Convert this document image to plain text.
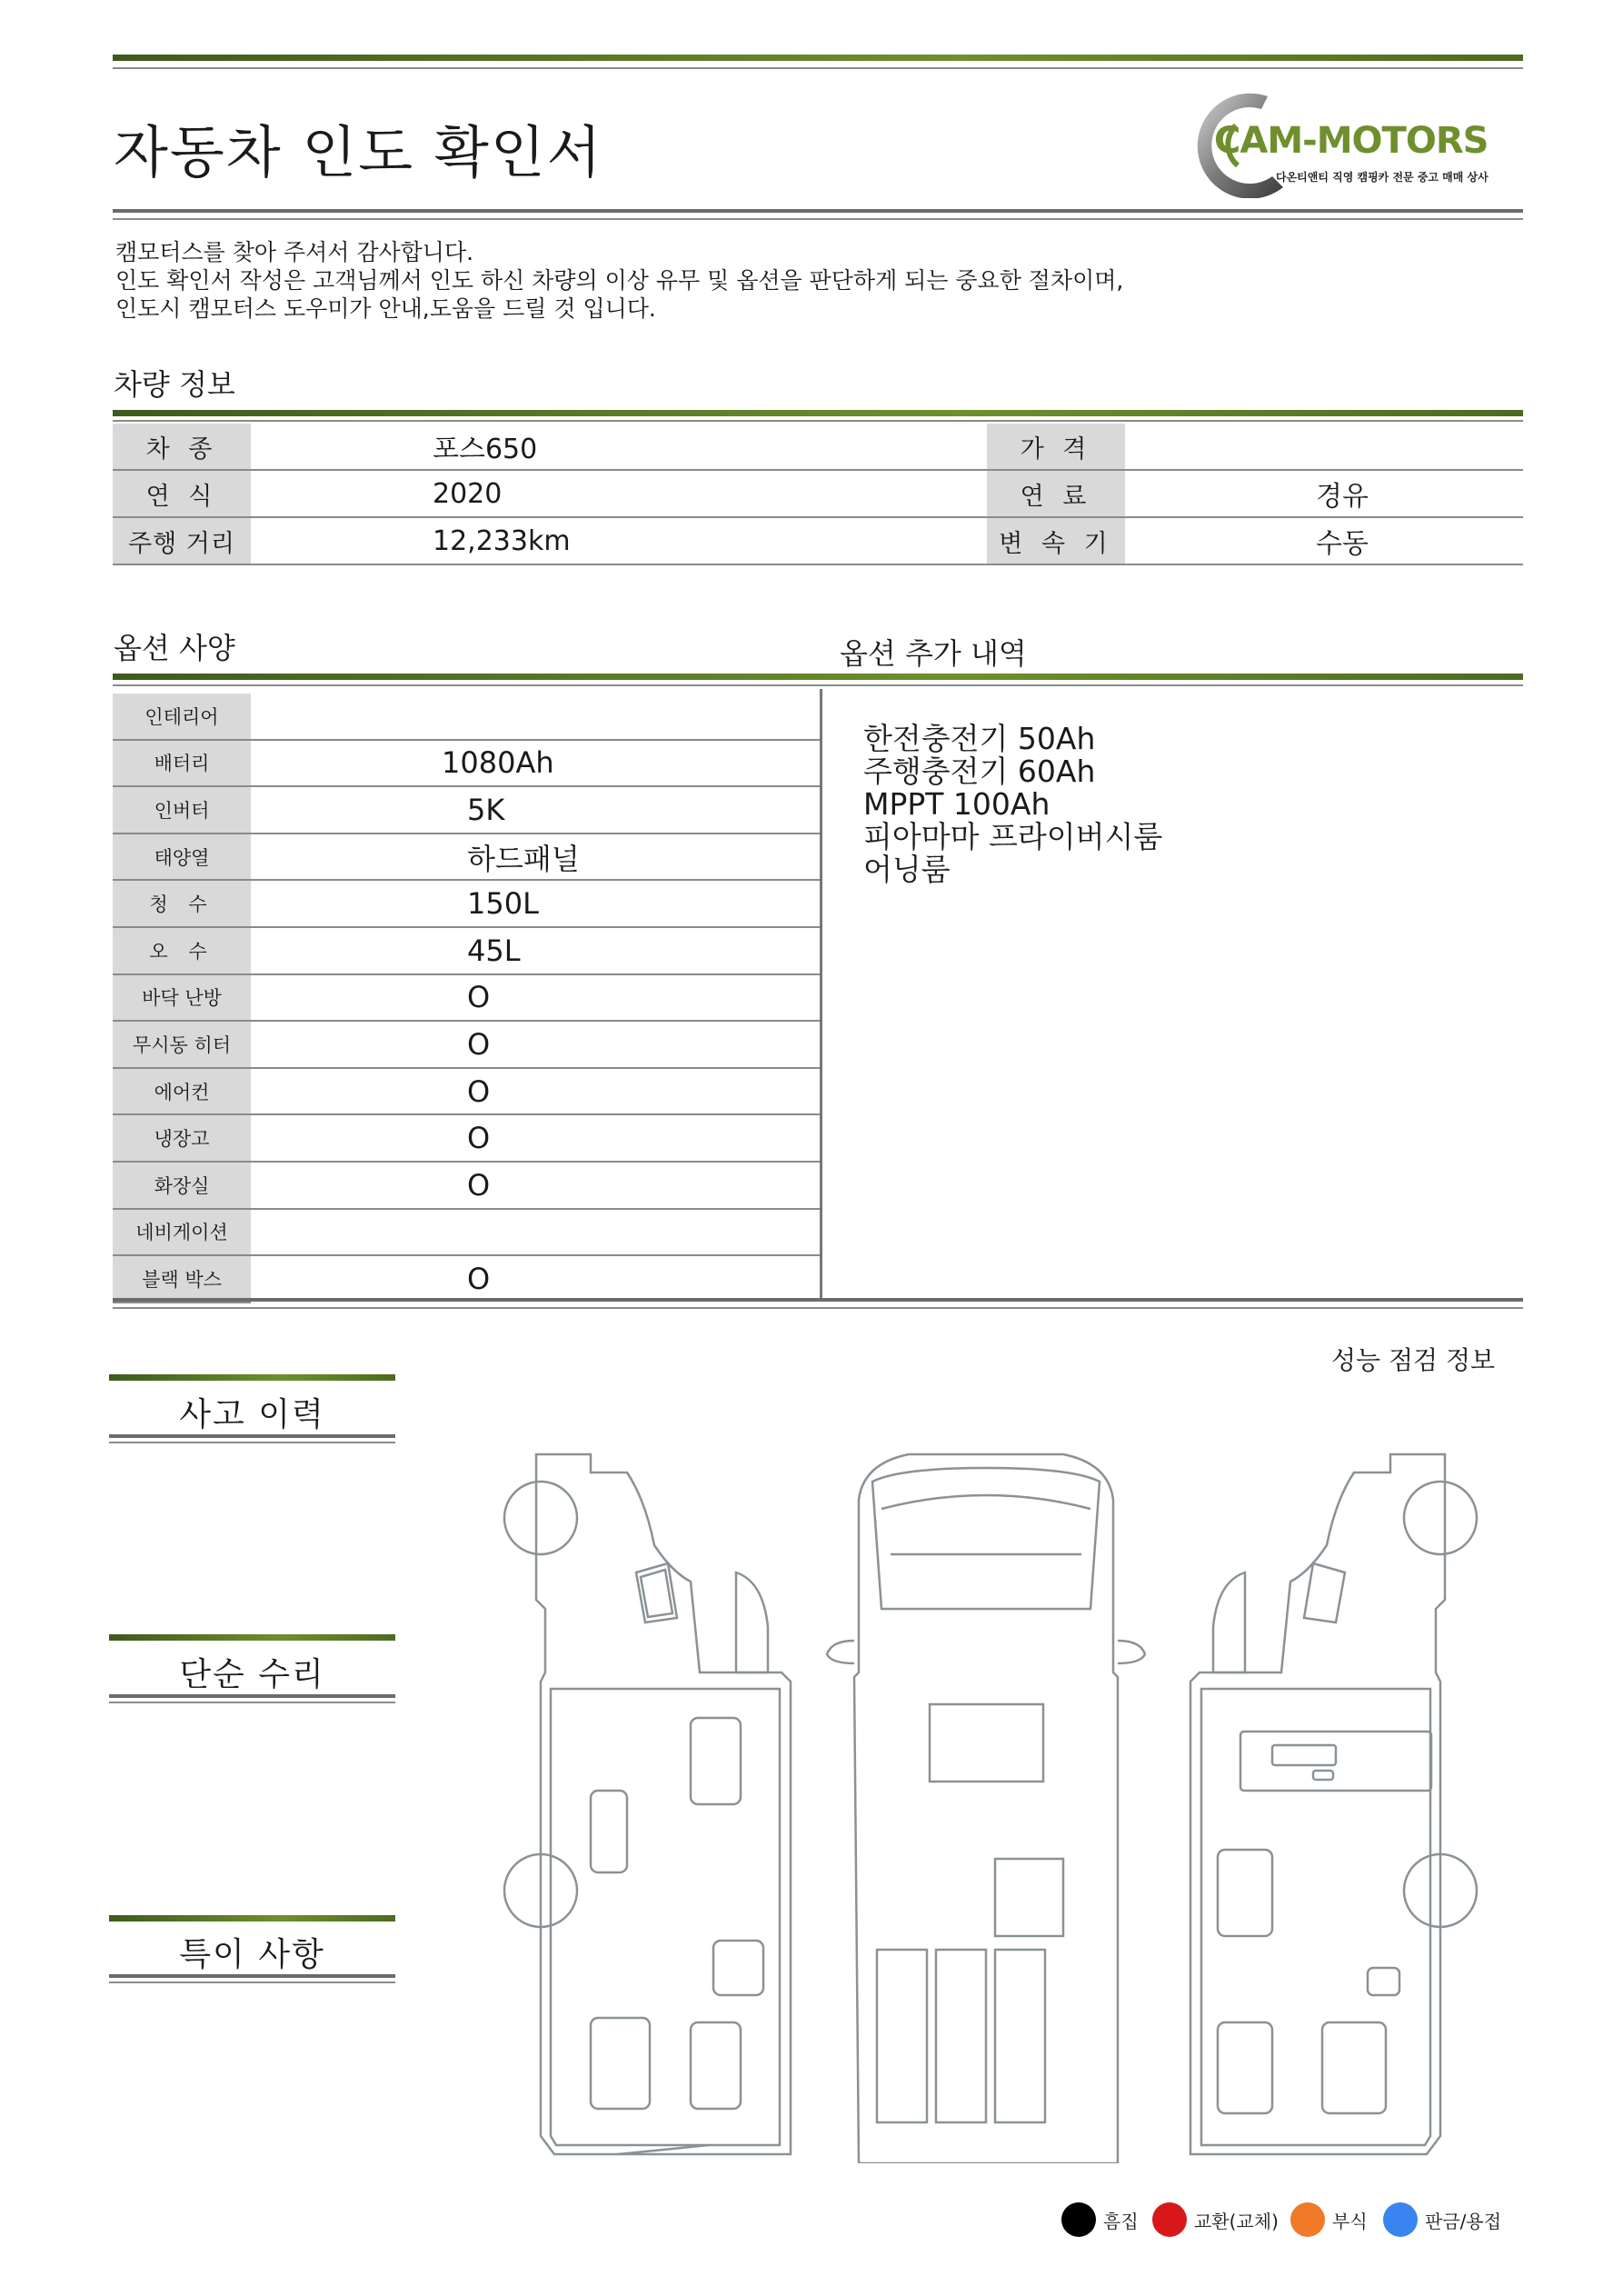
자동차 인도 확인서	CAM-MOTORS
다온티앤티 직영 캠핑카 전문 중고 매매 상사
캠모터스를 찾아 주셔서 감사합니다.
인도 확인서 작성은 고객님께서 인도 하신 차량의 이상 유무 및 옵션을 판단하게 되는 중요한 절차이며,
인도시 캠모터스 도우미가 안내,도움을 드릴 것 입니다.
차량 정보
차 종	포스650	가 격	
연 식	2020	연 료	경유
주행 거리	12,233km	변 속 기	수동
옵션 사양	옵션 추가 내역
인테리어	
배터리	1080Ah
인버터	5K
태양열	하드패널
청 수	150L
오 수	45L
바닥 난방	O
무시동 히터	O
에어컨	O
냉장고	O
화장실	O
네비게이션	
블랙 박스	O
한전충전기 50Ah
주행충전기 60Ah
MPPT 100Ah
피아마마 프라이버시룸
어닝룸
성능 점검 정보
사고 이력
단순 수리
특이 사항
흠집	교환(교체)	부식	판금/용접
